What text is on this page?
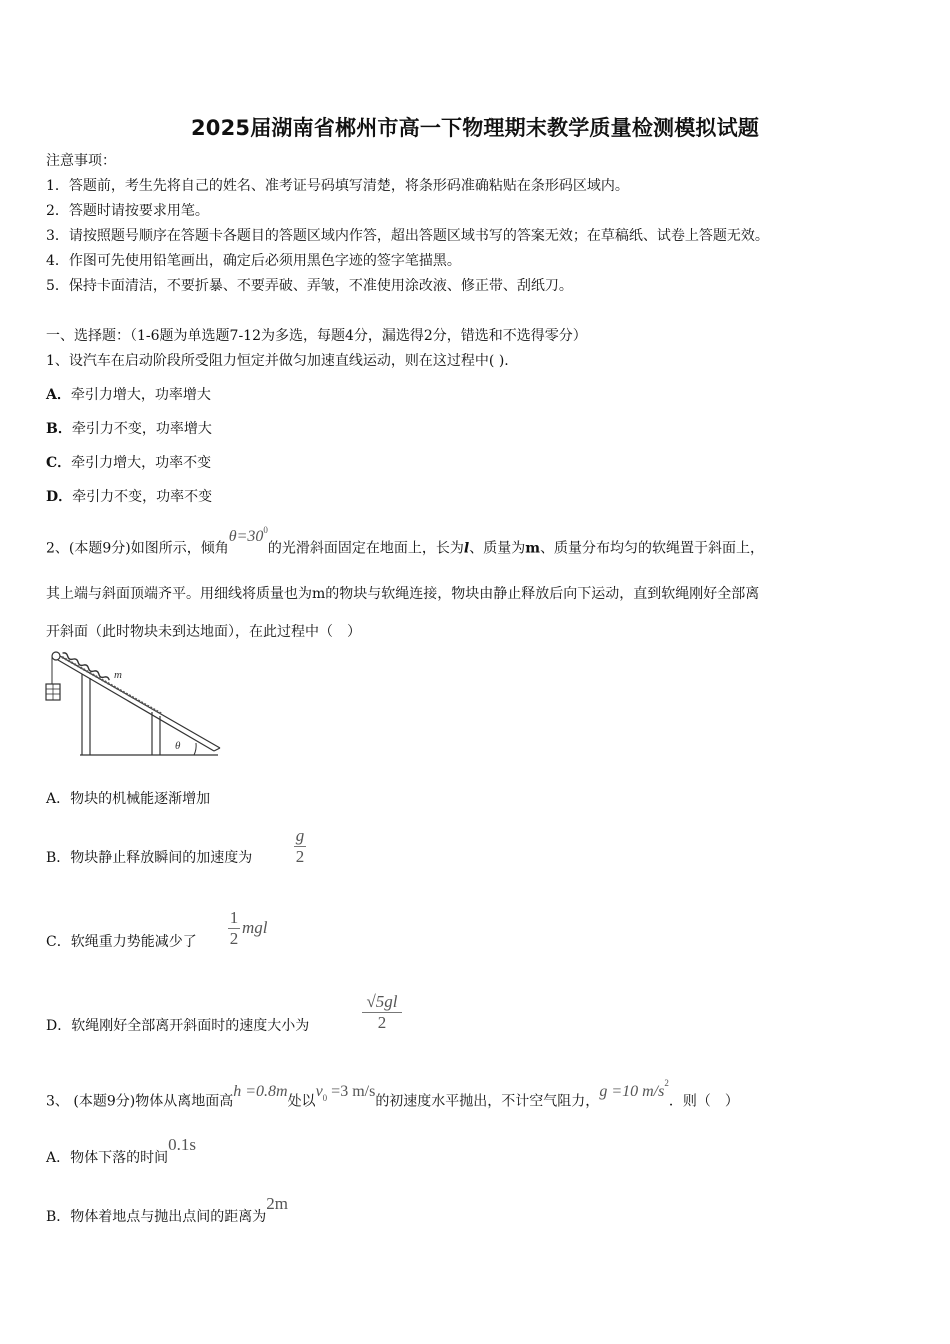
2025届湖南省郴州市高一下物理期末教学质量检测模拟试题
注意事项：
1．答题前，考生先将自己的姓名、准考证号码填写清楚，将条形码准确粘贴在条形码区域内。
2．答题时请按要求用笔。
3．请按照题号顺序在答题卡各题目的答题区域内作答，超出答题区域书写的答案无效；在草稿纸、试卷上答题无效。
4．作图可先使用铅笔画出，确定后必须用黑色字迹的签字笔描黑。
5．保持卡面清洁，不要折暴、不要弄破、弄皱，不准使用涂改液、修正带、刮纸刀。
一、选择题：（1-6题为单选题7-12为多选，每题4分，漏选得2分，错选和不选得零分）
1、设汽车在启动阶段所受阻力恒定并做匀加速直线运动，则在这过程中( ).
A．牵引力增大，功率增大
B．牵引力不变，功率增大
C．牵引力增大，功率不变
D．牵引力不变，功率不变
2、(本题9分)如图所示，倾角$\theta=30^0$的光滑斜面固定在地面上，长为l、质量为m、质量分布均匀的软绳置于斜面上，
其上端与斜面顶端齐平。用细线将质量也为m的物块与软绳连接，物块由静止释放后向下运动，直到软绳刚好全部离
开斜面（此时物块未到达地面），在此过程中（　）
m
θ
A．物块的机械能逐渐增加
B．物块静止释放瞬间的加速度为
g
2
C．软绳重力势能减少了
1
2
mgl
D．软绳刚好全部离开斜面时的速度大小为
√5gl
2
3、 (本题9分)物体从离地面高h =0.8m处以$v_0 =3$ m/s的初速度水平抛出，不计空气阻力，g =10 $m/s^2$．则（　）
A．物体下落的时间0.1s
B．物体着地点与抛出点间的距离为2m
